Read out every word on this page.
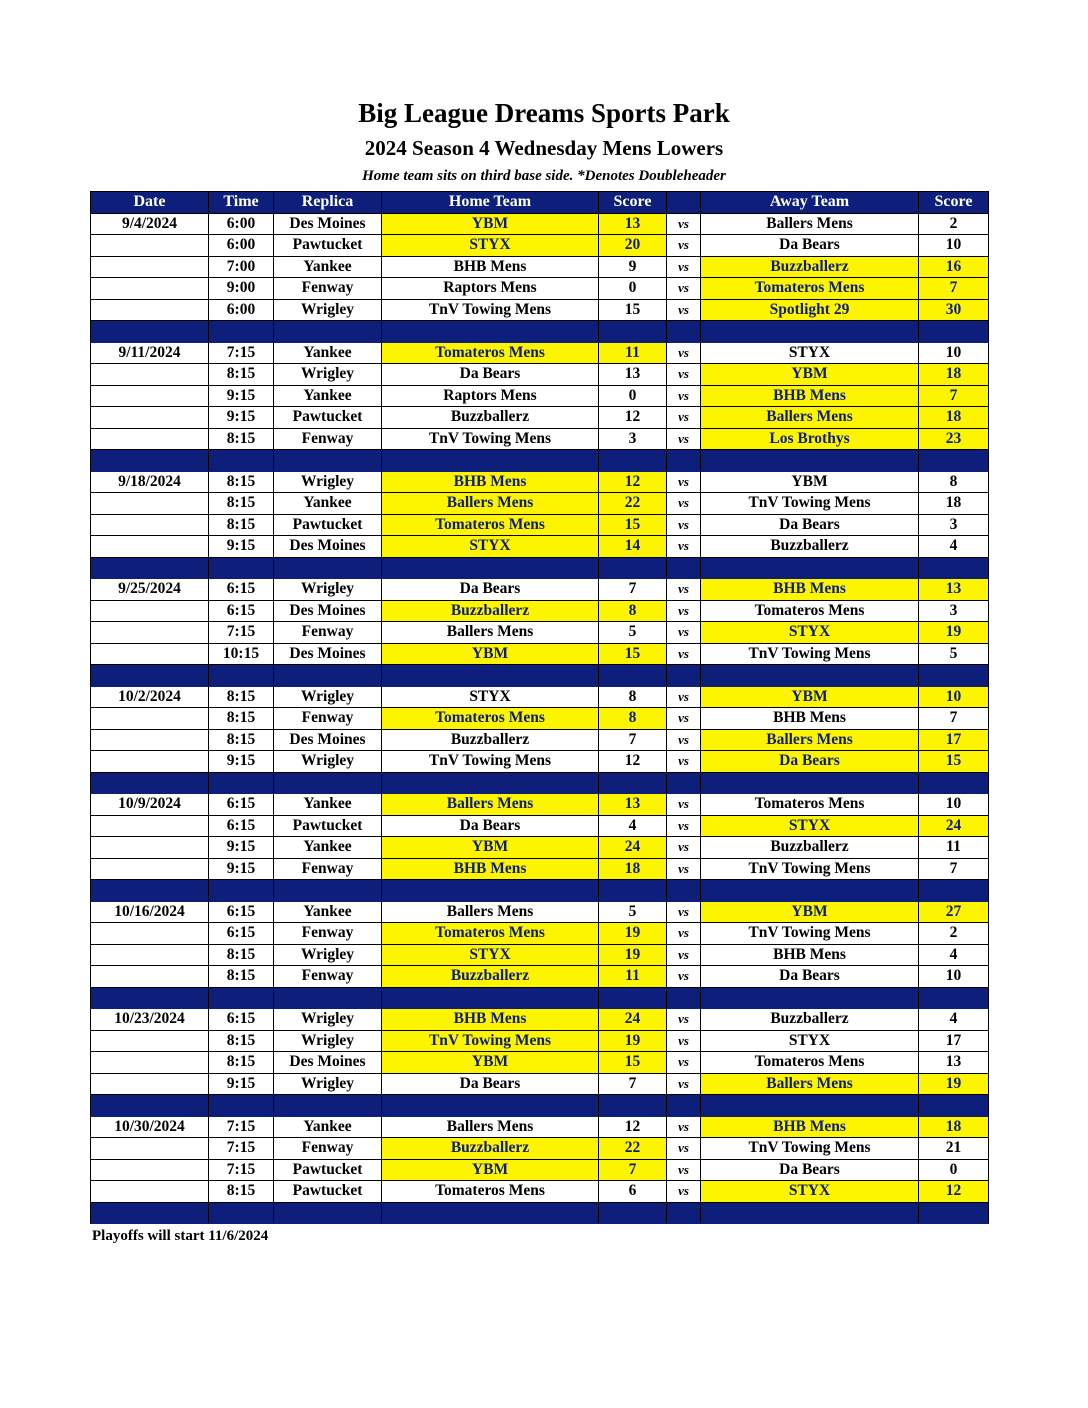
Big League Dreams Sports Park
2024 Season 4 Wednesday Mens Lowers
Home team sits on third base side. *Denotes Doubleheader
Date	Time	Replica	Home Team	Score		Away Team	Score
9/4/2024	6:00	Des Moines	YBM	13	vs	Ballers Mens	2
	6:00	Pawtucket	STYX	20	vs	Da Bears	10
	7:00	Yankee	BHB Mens	9	vs	Buzzballerz	16
	9:00	Fenway	Raptors Mens	0	vs	Tomateros Mens	7
	6:00	Wrigley	TnV Towing Mens	15	vs	Spotlight 29	30

9/11/2024	7:15	Yankee	Tomateros Mens	11	vs	STYX	10
	8:15	Wrigley	Da Bears	13	vs	YBM	18
	9:15	Yankee	Raptors Mens	0	vs	BHB Mens	7
	9:15	Pawtucket	Buzzballerz	12	vs	Ballers Mens	18
	8:15	Fenway	TnV Towing Mens	3	vs	Los Brothys	23

9/18/2024	8:15	Wrigley	BHB Mens	12	vs	YBM	8
	8:15	Yankee	Ballers Mens	22	vs	TnV Towing Mens	18
	8:15	Pawtucket	Tomateros Mens	15	vs	Da Bears	3
	9:15	Des Moines	STYX	14	vs	Buzzballerz	4

9/25/2024	6:15	Wrigley	Da Bears	7	vs	BHB Mens	13
	6:15	Des Moines	Buzzballerz	8	vs	Tomateros Mens	3
	7:15	Fenway	Ballers Mens	5	vs	STYX	19
	10:15	Des Moines	YBM	15	vs	TnV Towing Mens	5

10/2/2024	8:15	Wrigley	STYX	8	vs	YBM	10
	8:15	Fenway	Tomateros Mens	8	vs	BHB Mens	7
	8:15	Des Moines	Buzzballerz	7	vs	Ballers Mens	17
	9:15	Wrigley	TnV Towing Mens	12	vs	Da Bears	15

10/9/2024	6:15	Yankee	Ballers Mens	13	vs	Tomateros Mens	10
	6:15	Pawtucket	Da Bears	4	vs	STYX	24
	9:15	Yankee	YBM	24	vs	Buzzballerz	11
	9:15	Fenway	BHB Mens	18	vs	TnV Towing Mens	7

10/16/2024	6:15	Yankee	Ballers Mens	5	vs	YBM	27
	6:15	Fenway	Tomateros Mens	19	vs	TnV Towing Mens	2
	8:15	Wrigley	STYX	19	vs	BHB Mens	4
	8:15	Fenway	Buzzballerz	11	vs	Da Bears	10

10/23/2024	6:15	Wrigley	BHB Mens	24	vs	Buzzballerz	4
	8:15	Wrigley	TnV Towing Mens	19	vs	STYX	17
	8:15	Des Moines	YBM	15	vs	Tomateros Mens	13
	9:15	Wrigley	Da Bears	7	vs	Ballers Mens	19

10/30/2024	7:15	Yankee	Ballers Mens	12	vs	BHB Mens	18
	7:15	Fenway	Buzzballerz	22	vs	TnV Towing Mens	21
	7:15	Pawtucket	YBM	7	vs	Da Bears	0
	8:15	Pawtucket	Tomateros Mens	6	vs	STYX	12

Playoffs will start 11/6/2024
